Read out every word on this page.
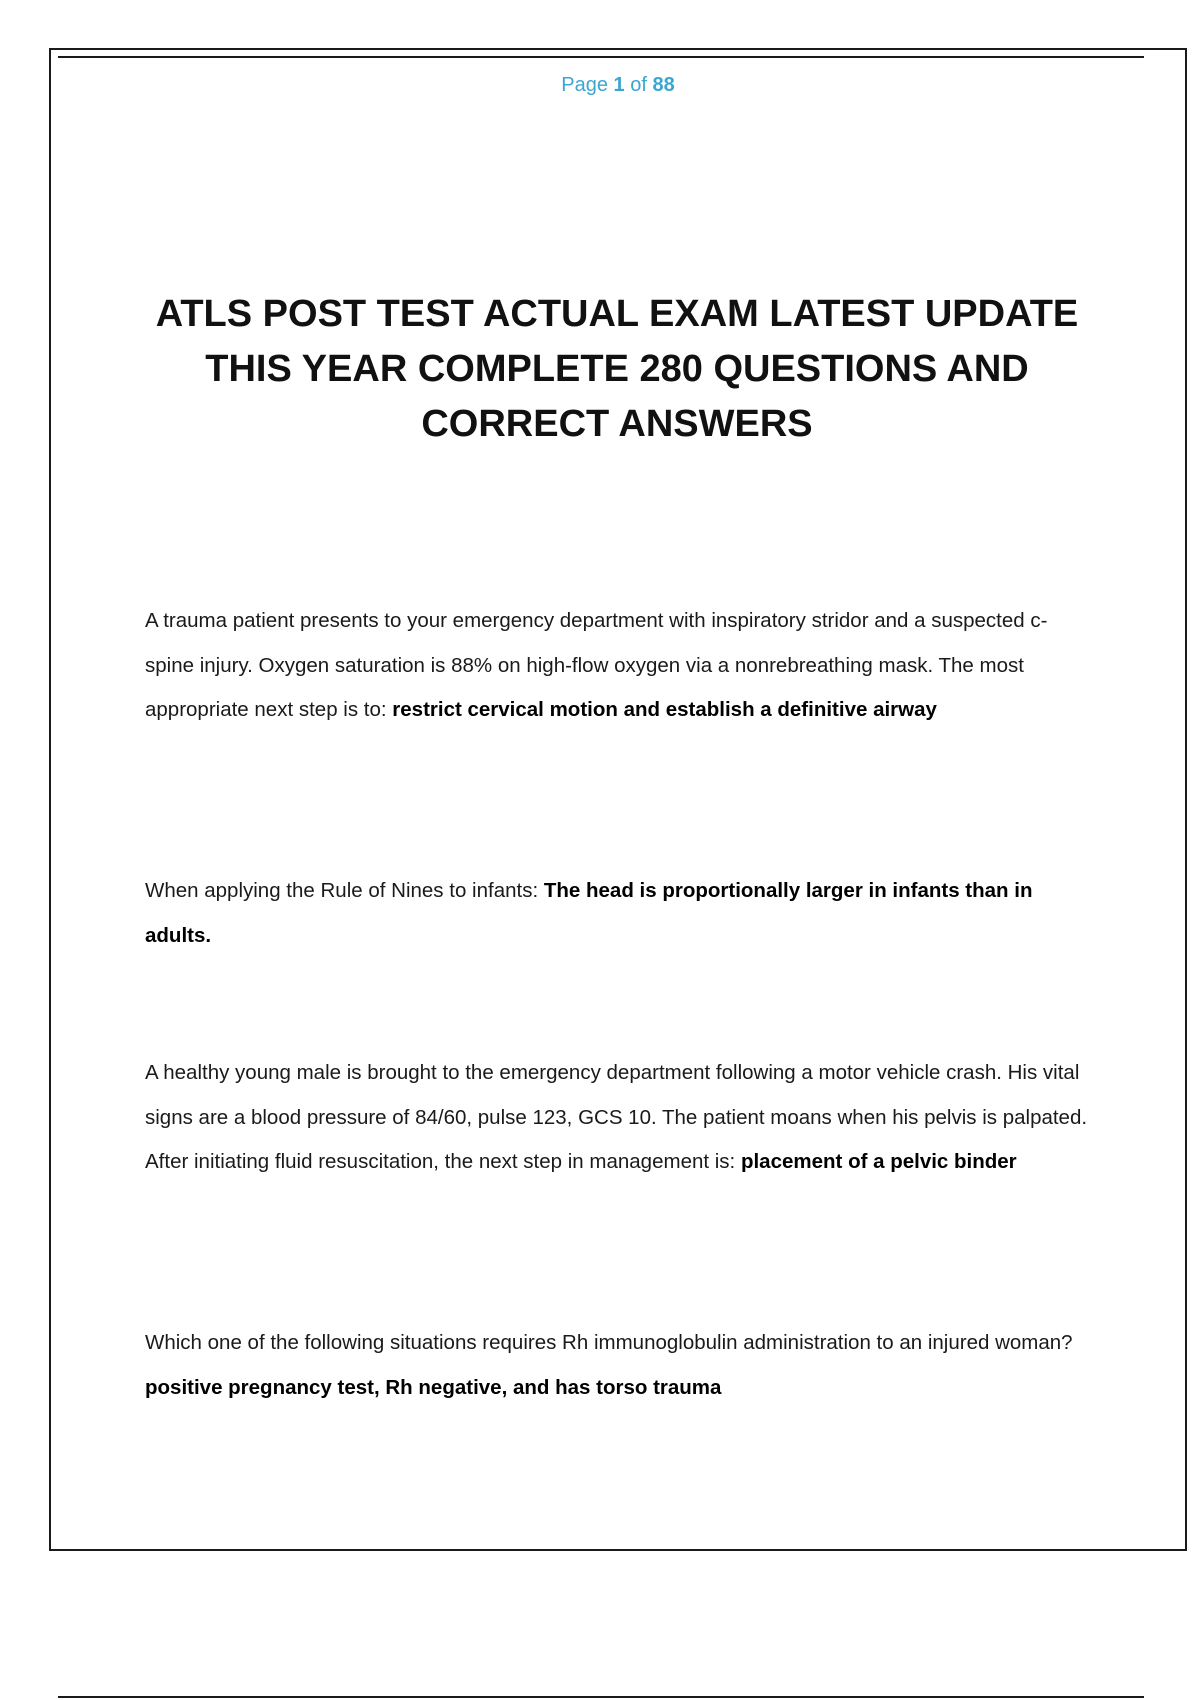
Page 1 of 88
ATLS POST TEST ACTUAL EXAM LATEST UPDATE THIS YEAR COMPLETE 280 QUESTIONS AND CORRECT ANSWERS

A trauma patient presents to your emergency department with inspiratory stridor and a suspected c-spine injury. Oxygen saturation is 88% on high-flow oxygen via a nonrebreathing mask. The most appropriate next step is to: restrict cervical motion and establish a definitive airway

When applying the Rule of Nines to infants: The head is proportionally larger in infants than in adults.

A healthy young male is brought to the emergency department following a motor vehicle crash. His vital signs are a blood pressure of 84/60, pulse 123, GCS 10. The patient moans when his pelvis is palpated. After initiating fluid resuscitation, the next step in management is: placement of a pelvic binder

Which one of the following situations requires Rh immunoglobulin administration to an injured woman? positive pregnancy test, Rh negative, and has torso trauma
